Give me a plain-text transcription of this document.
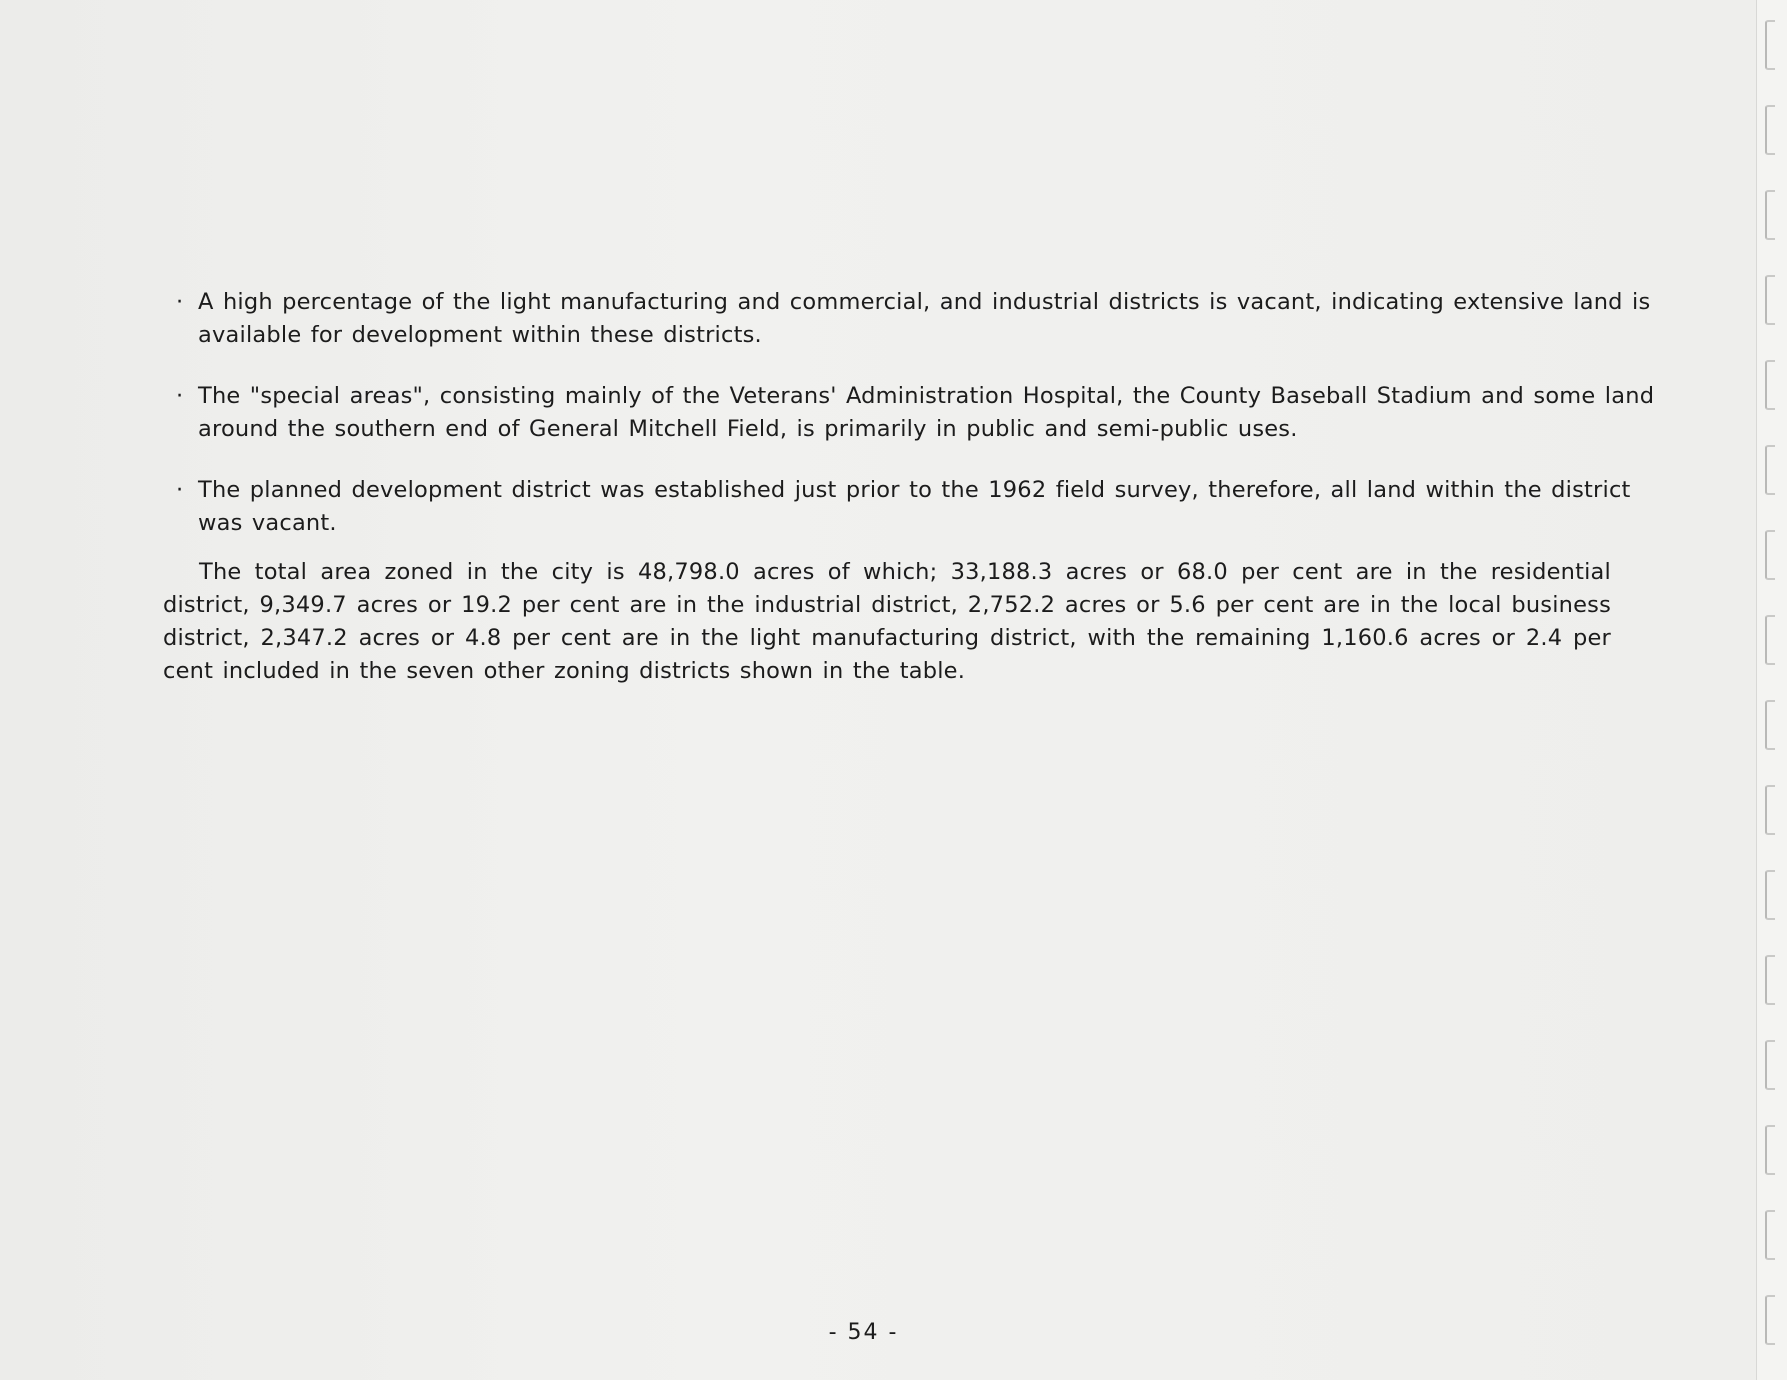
· A high percentage of the light manufacturing and commercial, and industrial districts is vacant, indicating extensive land is available for development within these districts.
· The "special areas", consisting mainly of the Veterans' Administration Hospital, the County Baseball Stadium and some land around the southern end of General Mitchell Field, is primarily in public and semi-public uses.
· The planned development district was established just prior to the 1962 field survey, therefore, all land within the district was vacant.

The total area zoned in the city is 48,798.0 acres of which; 33,188.3 acres or 68.0 per cent are in the residential district, 9,349.7 acres or 19.2 per cent are in the industrial district, 2,752.2 acres or 5.6 per cent are in the local business district, 2,347.2 acres or 4.8 per cent are in the light manufacturing district, with the remaining 1,160.6 acres or 2.4 per cent included in the seven other zoning districts shown in the table.

- 54 -
